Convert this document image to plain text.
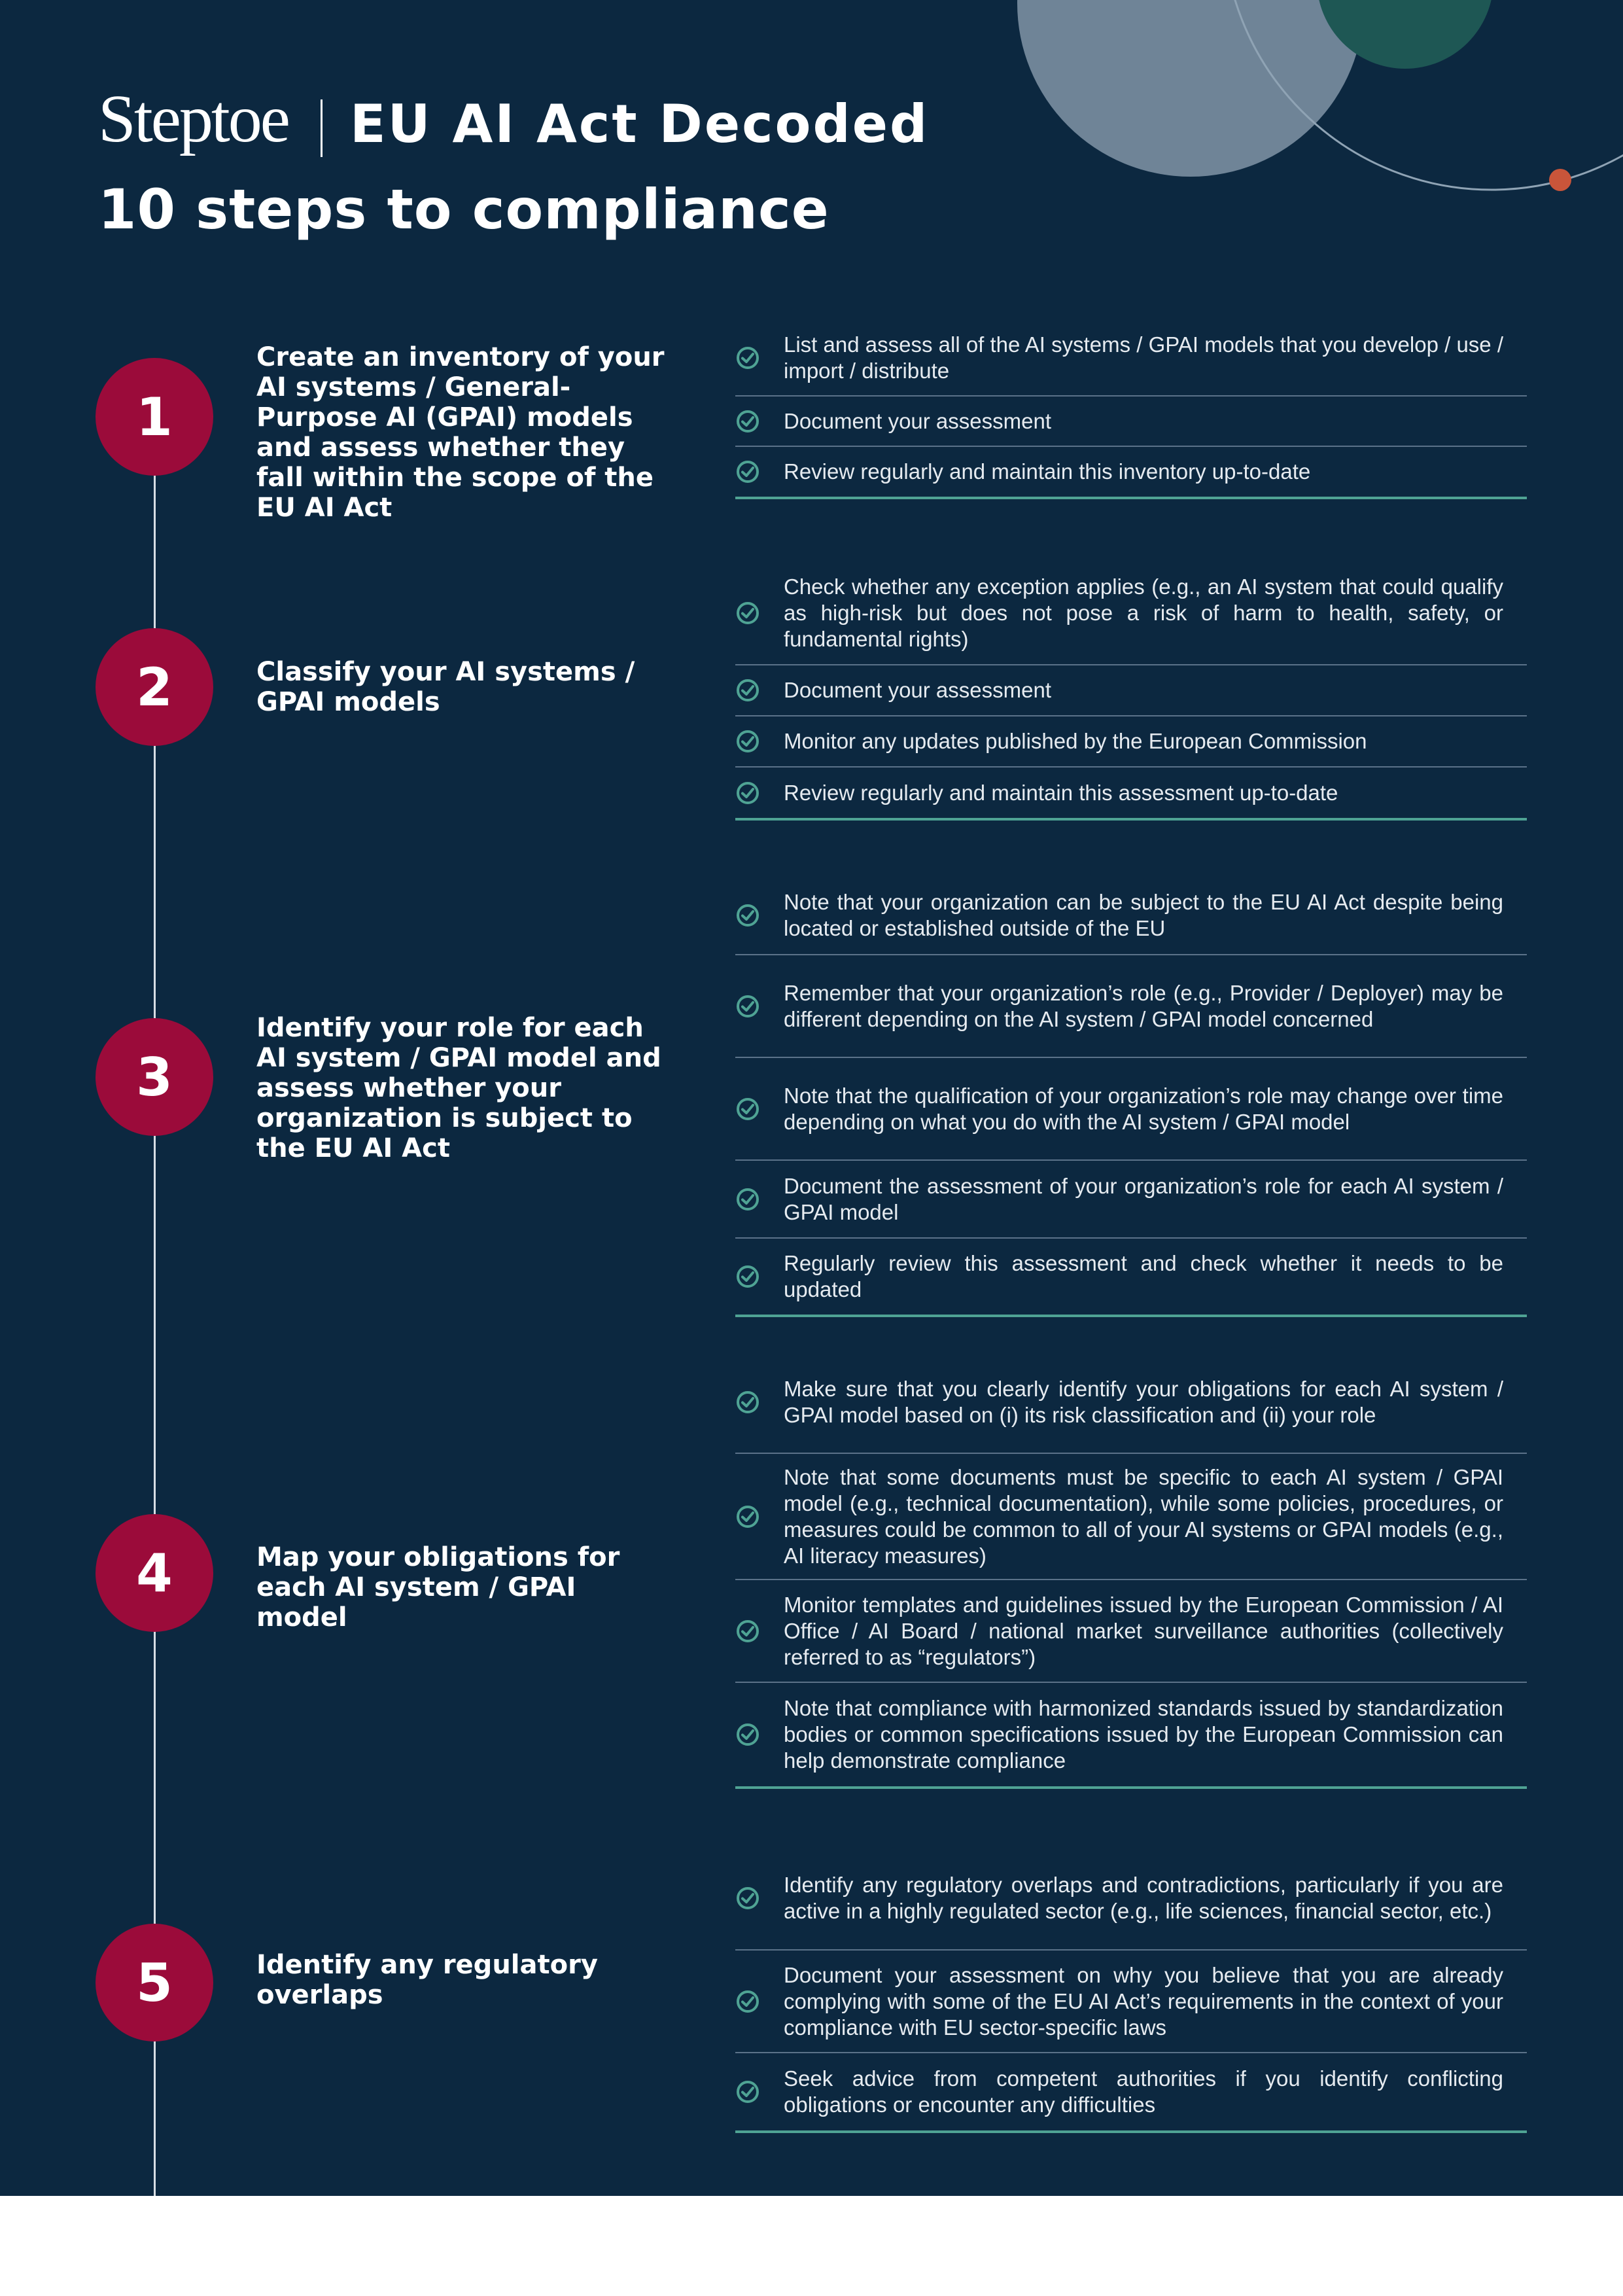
Steptoe EU AI Act Decoded
10 steps to compliance
1
Create an inventory of your AI systems / General-Purpose AI (GPAI) models and assess whether they fall within the scope of the EU AI Act
List and assess all of the AI systems / GPAI models that you develop / use / import / distribute
Document your assessment
Review regularly and maintain this inventory up-to-date
2	Classify your AI systems / GPAI models
Check whether any exception applies (e.g., an AI system that could qualify as high-risk but does not pose a risk of harm to health, safety, or fundamental rights)
Document your assessment
Monitor any updates published by the European Commission
Review regularly and maintain this assessment up-to-date
3
Identify your role for each AI system / GPAI model and assess whether your organization is subject to the EU AI Act
Note that your organization can be subject to the EU AI Act despite being located or established outside of the EU
Remember that your organization’s role (e.g., Provider / Deployer) may be different depending on the AI system / GPAI model concerned
Note that the qualification of your organization’s role may change over time depending on what you do with the AI system / GPAI model
Document the assessment of your organization’s role for each AI system / GPAI model
Regularly review this assessment and check whether it needs to be updated
4	Map your obligations for each AI system / GPAI model
Make sure that you clearly identify your obligations for each AI system / GPAI model based on (i) its risk classification and (ii) your role
Note that some documents must be specific to each AI system / GPAI model (e.g., technical documentation), while some policies, procedures, or measures could be common to all of your AI systems or GPAI models (e.g., AI literacy measures)
Monitor templates and guidelines issued by the European Commission / AI Office / AI Board / national market surveillance authorities (collectively referred to as “regulators”)
Note that compliance with harmonized standards issued by standardization bodies or common specifications issued by the European Commission can help demonstrate compliance
5	Identify any regulatory overlaps
Identify any regulatory overlaps and contradictions, particularly if you are active in a highly regulated sector (e.g., life sciences, financial sector, etc.)
Document your assessment on why you believe that you are already complying with some of the EU AI Act’s requirements in the context of your compliance with EU sector-specific laws
Seek advice from competent authorities if you identify conflicting obligations or encounter any difficulties
